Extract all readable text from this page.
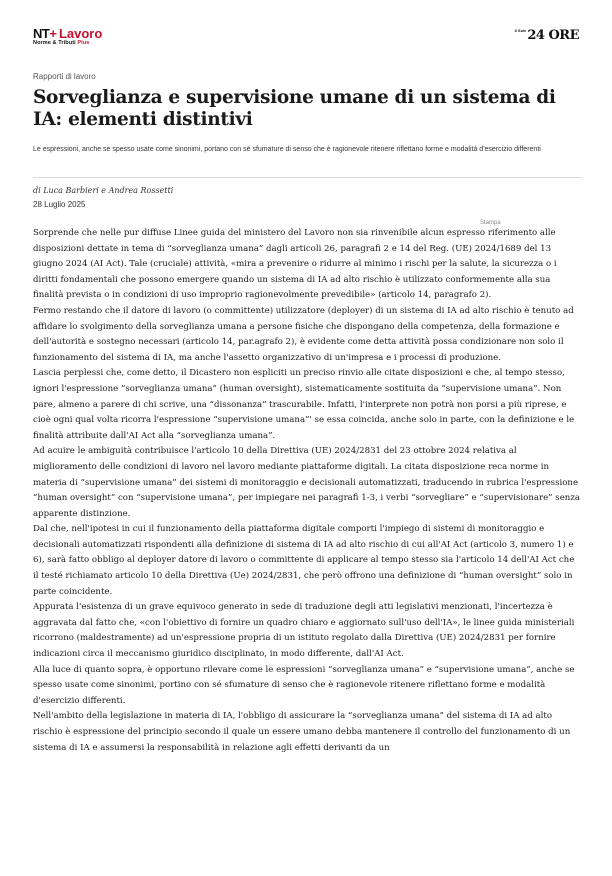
NT + Lavoro
Norme & Tributi Plus
Il Sole 24 ORE
Rapporti di lavoro
Sorveglianza e supervisione umane di un sistema di IA: elementi distintivi
Le espressioni, anche se spesso usate come sinonimi, portano con sé sfumature di senso che è ragionevole ritenere riflettano forme e modalità d'esercizio differenti
di Luca Barbieri e Andrea Rossetti
28 Luglio 2025
Stampa

Sorprende che nelle pur diffuse Linee guida del ministero del Lavoro non sia rinvenibile alcun espresso riferimento alle disposizioni dettate in tema di “sorveglianza umana” dagli articoli 26, paragrafi 2 e 14 del Reg. (UE) 2024/1689 del 13 giugno 2024 (AI Act). Tale (cruciale) attività, «mira a prevenire o ridurre al minimo i rischi per la salute, la sicurezza o i diritti fondamentali che possono emergere quando un sistema di IA ad alto rischio è utilizzato conformemente alla sua finalità prevista o in condizioni di uso improprio ragionevolmente prevedibile» (articolo 14, paragrafo 2).

Fermo restando che il datore di lavoro (o committente) utilizzatore (deployer) di un sistema di IA ad alto rischio è tenuto ad affidare lo svolgimento della sorveglianza umana a persone fisiche che dispongano della competenza, della formazione e dell'autorità e sostegno necessari (articolo 14, par.agrafo 2), è evidente come detta attività possa condizionare non solo il funzionamento del sistema di IA, ma anche l'assetto organizzativo di un'impresa e i processi di produzione.

Lascia perplessi che, come detto, il Dicastero non espliciti un preciso rinvio alle citate disposizioni e che, al tempo stesso, ignori l'espressione “sorveglianza umana” (human oversight), sistematicamente sostituita da “supervisione umana”. Non pare, almeno a parere di chi scrive, una “dissonanza” trascurabile. Infatti, l'interprete non potrà non porsi a più riprese, e cioè ogni qual volta ricorra l'espressione “supervisione umana”' se essa coincida, anche solo in parte, con la definizione e le finalità attribuite dall'AI Act alla “sorveglianza umana”.

Ad acuire le ambiguità contribuisce l'articolo 10 della Direttiva (UE) 2024/2831 del 23 ottobre 2024 relativa al miglioramento delle condizioni di lavoro nel lavoro mediante piattaforme digitali. La citata disposizione reca norme in materia di “supervisione umana” dei sistemi di monitoraggio e decisionali automatizzati, traducendo in rubrica l'espressione “human oversight” con “supervisione umana”, per impiegare nei paragrafi 1-3, i verbi “sorvegliare” e “supervisionare” senza apparente distinzione.

Dal che, nell'ipotesi in cui il funzionamento della piattaforma digitale comporti l'impiego di sistemi di monitoraggio e decisionali automatizzati rispondenti alla definizione di sistema di IA ad alto rischio di cui all'AI Act (articolo 3, numero 1) e 6), sarà fatto obbligo al deployer datore di lavoro o committente di applicare al tempo stesso sia l'articolo 14 dell'AI Act che il testé richiamato articolo 10 della Direttiva (Ue) 2024/2831, che però offrono una definizione di “human oversight” solo in parte coincidente.

Appurata l'esistenza di un grave equivoco generato in sede di traduzione degli atti legislativi menzionati, l'incertezza è aggravata dal fatto che, «con l'obiettivo di fornire un quadro chiaro e aggiornato sull'uso dell'IA», le linee guida ministeriali ricorrono (maldestramente) ad un'espressione propria di un istituto regolato dalla Direttiva (UE) 2024/2831 per fornire indicazioni circa il meccanismo giuridico disciplinato, in modo differente, dall'AI Act.

Alla luce di quanto sopra, è opportuno rilevare come le espressioni “sorveglianza umana” e “supervisione umana”, anche se spesso usate come sinonimi, portino con sé sfumature di senso che è ragionevole ritenere riflettano forme e modalità d'esercizio differenti.

Nell'ambito della legislazione in materia di IA, l'obbligo di assicurare la “sorveglianza umana” del sistema di IA ad alto rischio è espressione del principio secondo il quale un essere umano debba mantenere il controllo del funzionamento di un sistema di IA e assumersi la responsabilità in relazione agli effetti derivanti da un
